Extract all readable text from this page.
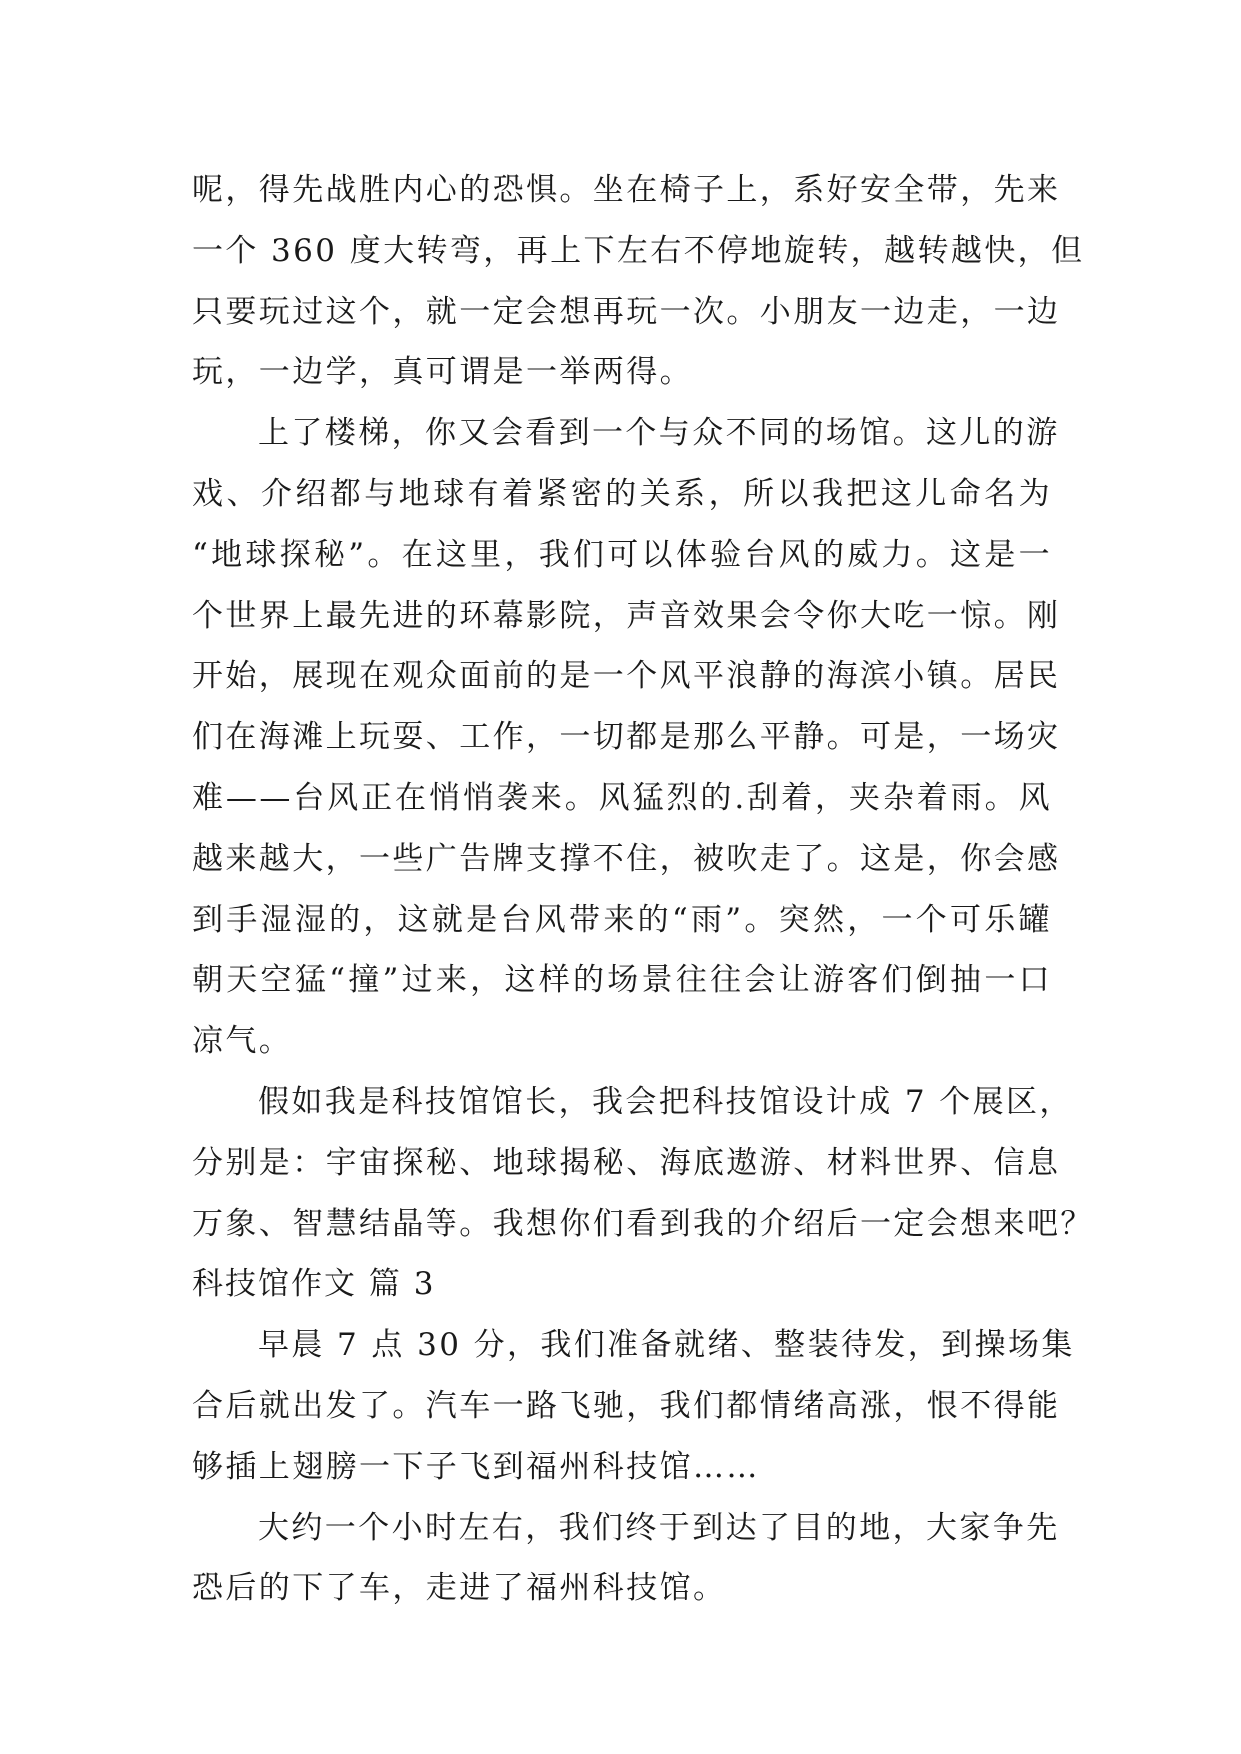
呢，得先战胜内心的恐惧。坐在椅子上，系好安全带，先来
一个 360 度大转弯，再上下左右不停地旋转，越转越快，但
只要玩过这个，就一定会想再玩一次。小朋友一边走，一边
玩，一边学，真可谓是一举两得。
上了楼梯，你又会看到一个与众不同的场馆。这儿的游
戏、介绍都与地球有着紧密的关系，所以我把这儿命名为
“地球探秘”。在这里，我们可以体验台风的威力。这是一
个世界上最先进的环幕影院，声音效果会令你大吃一惊。刚
开始，展现在观众面前的是一个风平浪静的海滨小镇。居民
们在海滩上玩耍、工作，一切都是那么平静。可是，一场灾
难——台风正在悄悄袭来。风猛烈的.刮着，夹杂着雨。风
越来越大，一些广告牌支撑不住，被吹走了。这是，你会感
到手湿湿的，这就是台风带来的“雨”。突然，一个可乐罐
朝天空猛“撞”过来，这样的场景往往会让游客们倒抽一口
凉气。
假如我是科技馆馆长，我会把科技馆设计成 7 个展区，
分别是：宇宙探秘、地球揭秘、海底遨游、材料世界、信息
万象、智慧结晶等。我想你们看到我的介绍后一定会想来吧？
科技馆作文 篇 3
早晨 7 点 30 分，我们准备就绪、整装待发，到操场集
合后就出发了。汽车一路飞驰，我们都情绪高涨，恨不得能
够插上翅膀一下子飞到福州科技馆……
大约一个小时左右，我们终于到达了目的地，大家争先
恐后的下了车，走进了福州科技馆。
